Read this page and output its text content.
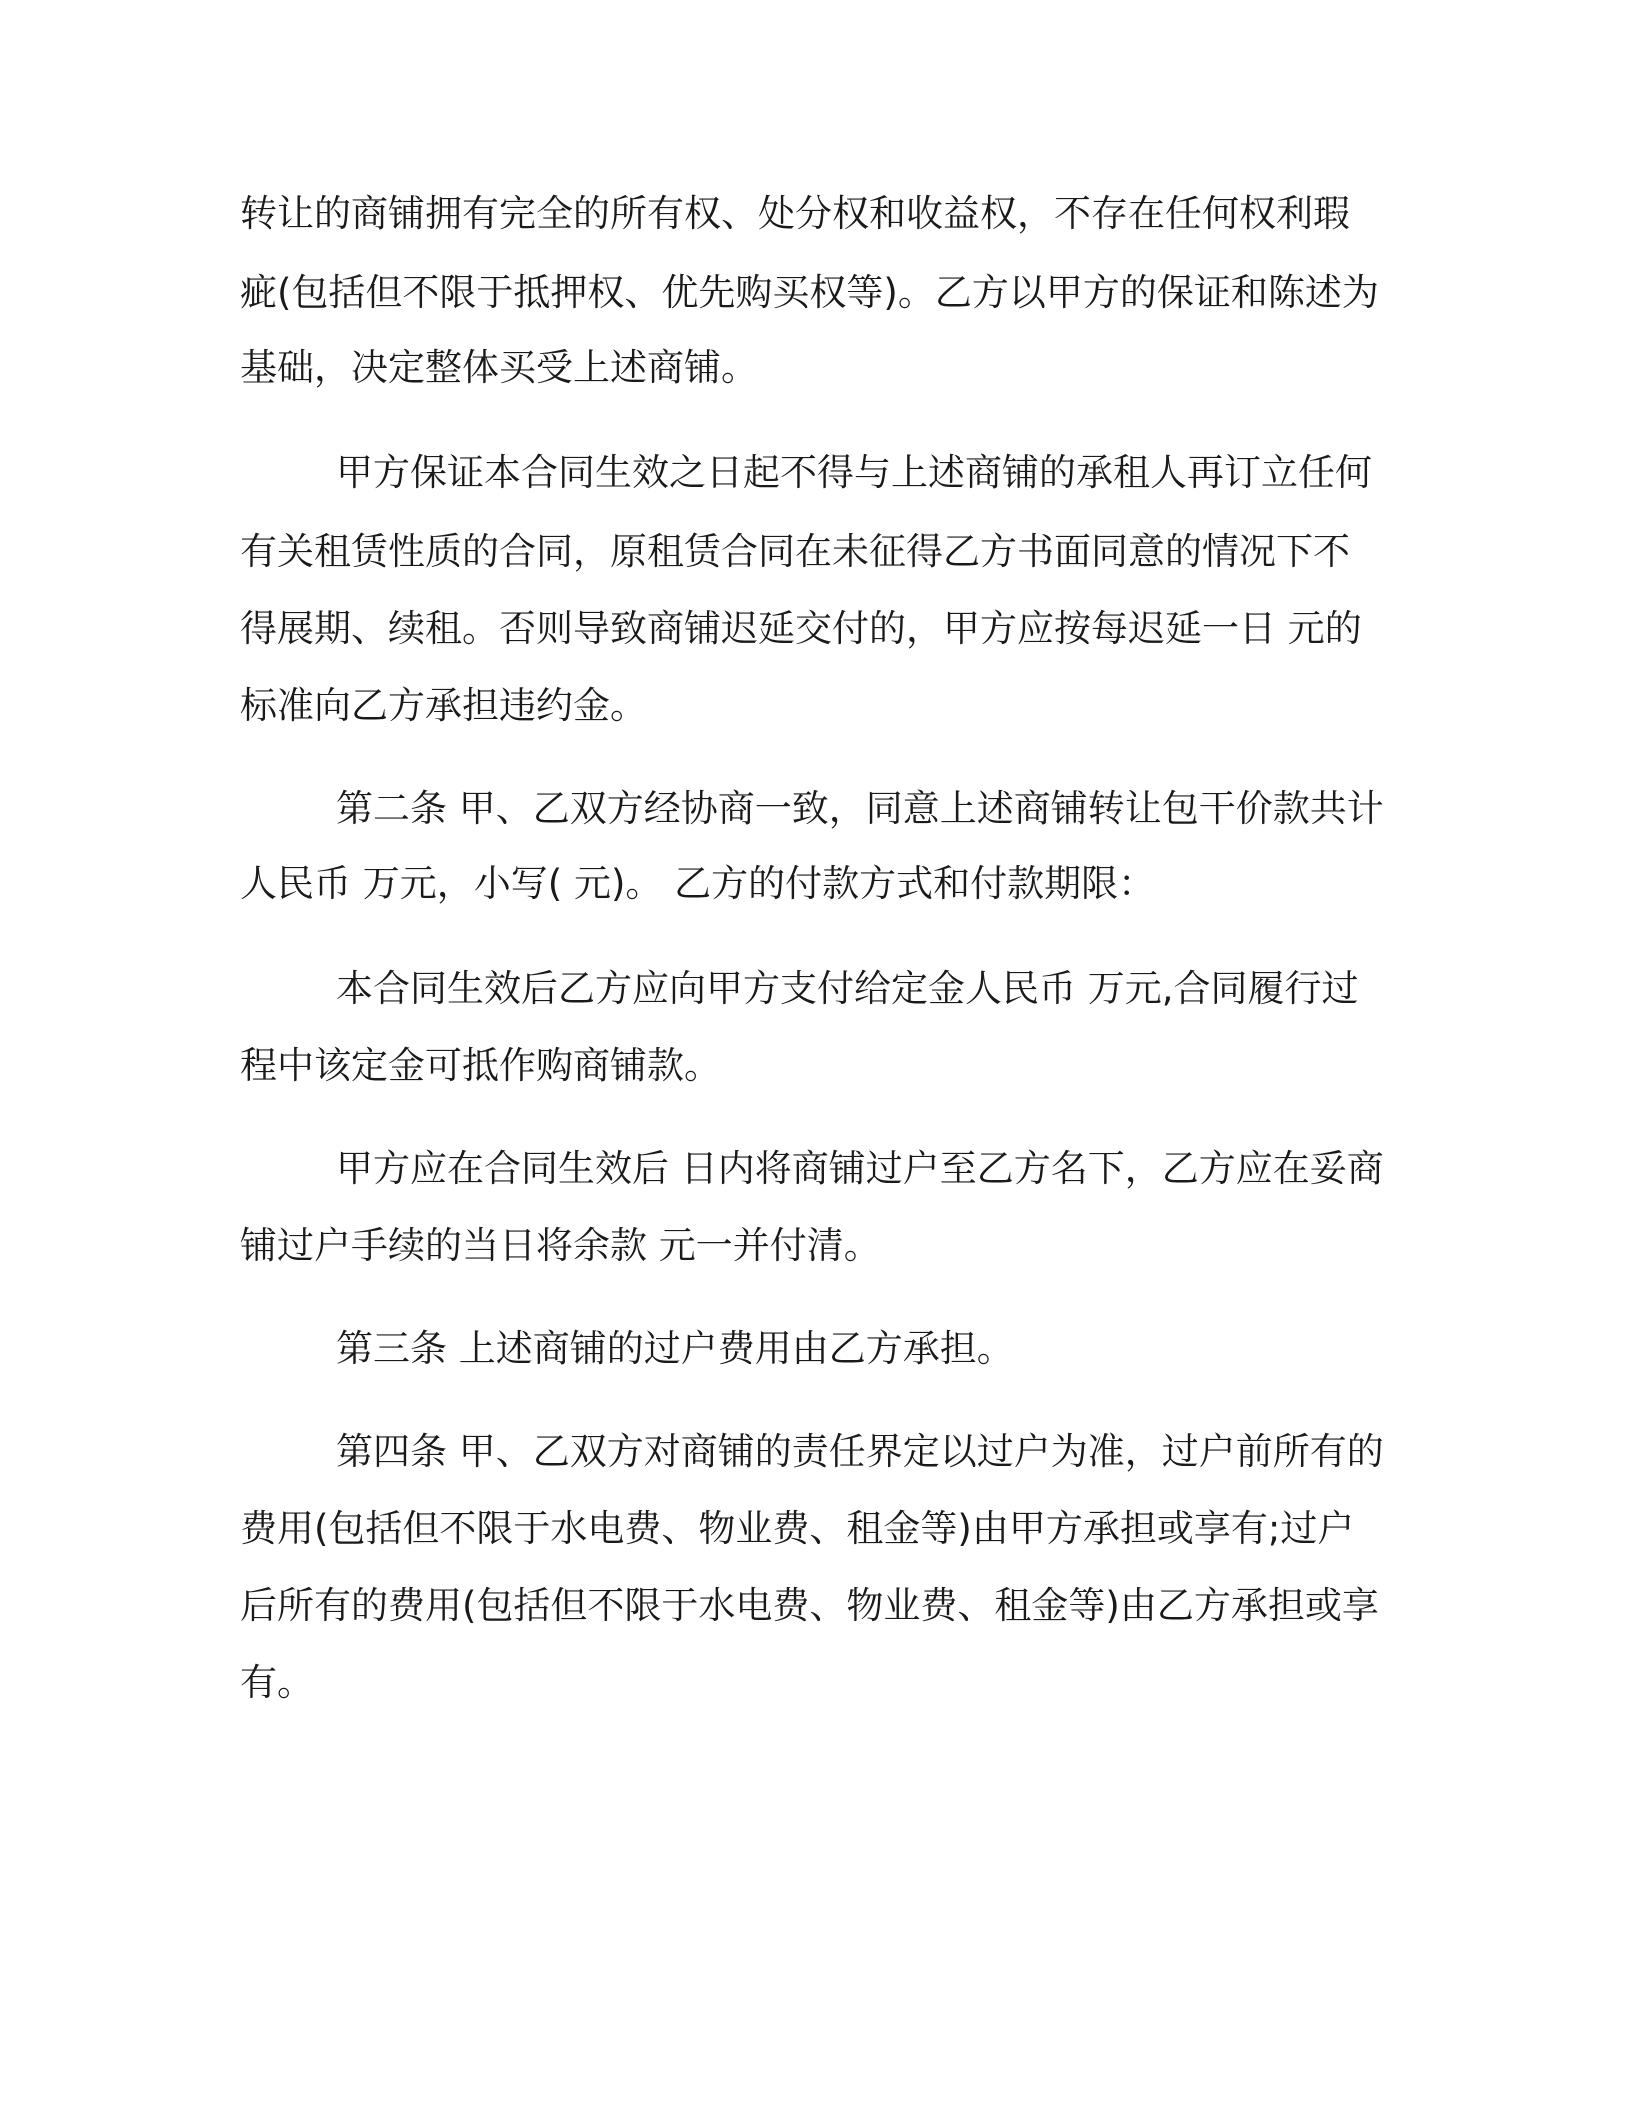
转让的商铺拥有完全的所有权、处分权和收益权，不存在任何权利瑕

疵(包括但不限于抵押权、优先购买权等)。乙方以甲方的保证和陈述为

基础，决定整体买受上述商铺。

甲方保证本合同生效之日起不得与上述商铺的承租人再订立任何

有关租赁性质的合同，原租赁合同在未征得乙方书面同意的情况下不

得展期、续租。否则导致商铺迟延交付的，甲方应按每迟延一日 元的

标准向乙方承担违约金。

第二条 甲、乙双方经协商一致，同意上述商铺转让包干价款共计

人民币 万元，小写( 元)。 乙方的付款方式和付款期限：

本合同生效后乙方应向甲方支付给定金人民币 万元,合同履行过

程中该定金可抵作购商铺款。

甲方应在合同生效后 日内将商铺过户至乙方名下，乙方应在妥商

铺过户手续的当日将余款 元一并付清。

第三条 上述商铺的过户费用由乙方承担。

第四条 甲、乙双方对商铺的责任界定以过户为准，过户前所有的

费用(包括但不限于水电费、物业费、租金等)由甲方承担或享有;过户

后所有的费用(包括但不限于水电费、物业费、租金等)由乙方承担或享

有。
